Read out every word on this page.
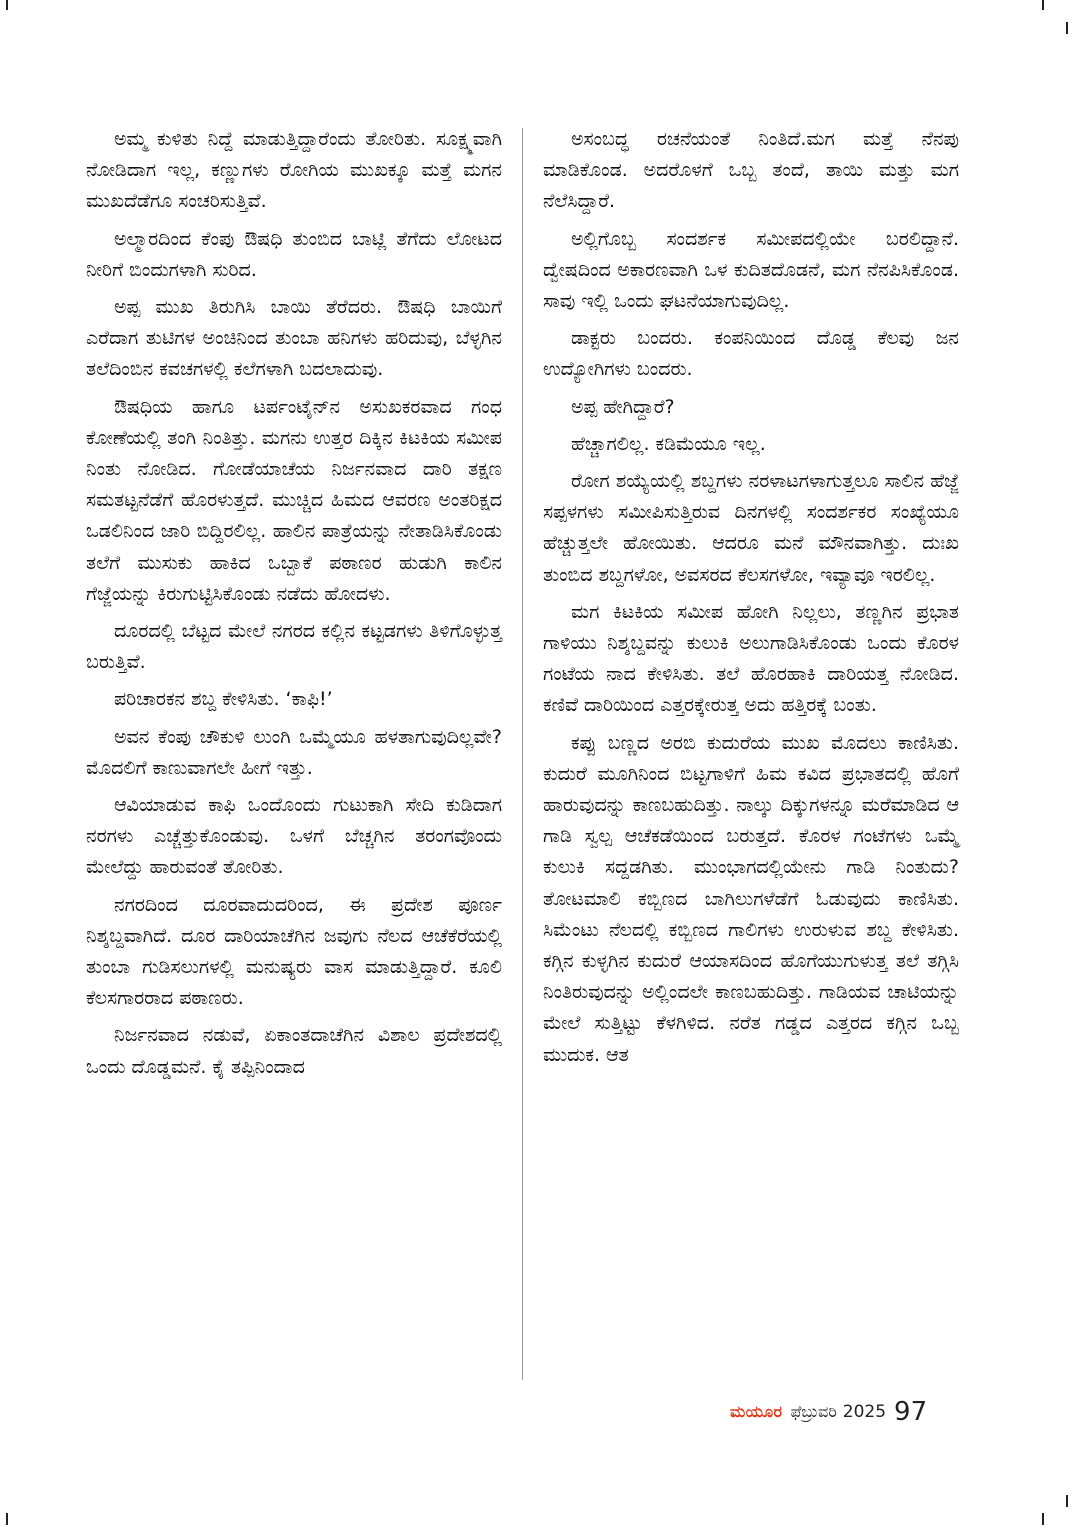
ಅಮ್ಮ ಕುಳಿತು ನಿದ್ದೆ ಮಾಡುತ್ತಿದ್ದಾರೆಂದು ತೋರಿತು. ಸೂಕ್ಷ್ಮವಾಗಿ ನೋಡಿದಾಗ ಇಲ್ಲ, ಕಣ್ಣುಗಳು ರೋಗಿಯ ಮುಖಕ್ಕೂ ಮತ್ತೆ ಮಗನ ಮುಖದೆಡೆಗೂ ಸಂಚರಿಸುತ್ತಿವೆ.

ಅಲ್ಮಾರದಿಂದ ಕೆಂಪು ಔಷಧಿ ತುಂಬಿದ ಬಾಟ್ಲಿ ತೆಗೆದು ಲೋಟದ ನೀರಿಗೆ ಬಿಂದುಗಳಾಗಿ ಸುರಿದ.

ಅಪ್ಪ ಮುಖ ತಿರುಗಿಸಿ ಬಾಯಿ ತೆರೆದರು. ಔಷಧಿ ಬಾಯಿಗೆ ಎರೆದಾಗ ತುಟಿಗಳ ಅಂಚಿನಿಂದ ತುಂಬಾ ಹನಿಗಳು ಹರಿದುವು, ಬೆಳ್ಳಗಿನ ತಲೆದಿಂಬಿನ ಕವಚಗಳಲ್ಲಿ ಕಲೆಗಳಾಗಿ ಬದಲಾದುವು.

ಔಷಧಿಯ ಹಾಗೂ ಟರ್ಪಂಟೈನ್‌ನ ಅಸುಖಕರವಾದ ಗಂಧ ಕೋಣೆಯಲ್ಲಿ ತಂಗಿ ನಿಂತಿತ್ತು. ಮಗನು ಉತ್ತರ ದಿಕ್ಕಿನ ಕಿಟಕಿಯ ಸಮೀಪ ನಿಂತು ನೋಡಿದ. ಗೋಡೆಯಾಚೆಯ ನಿರ್ಜನವಾದ ದಾರಿ ತಕ್ಷಣ ಸಮತಟ್ಟನೆಡೆಗೆ ಹೊರಳುತ್ತದೆ. ಮುಚ್ಚಿದ ಹಿಮದ ಆವರಣ ಅಂತರಿಕ್ಷದ ಒಡಲಿನಿಂದ ಜಾರಿ ಬಿದ್ದಿರಲಿಲ್ಲ. ಹಾಲಿನ ಪಾತ್ರೆಯನ್ನು ನೇತಾಡಿಸಿಕೊಂಡು ತಲೆಗೆ ಮುಸುಕು ಹಾಕಿದ ಒಬ್ಬಾಕೆ ಪಠಾಣರ ಹುಡುಗಿ ಕಾಲಿನ ಗೆಜ್ಜೆಯನ್ನು ಕಿರುಗುಟ್ಟಿಸಿಕೊಂಡು ನಡೆದು ಹೋದಳು.

ದೂರದಲ್ಲಿ ಬೆಟ್ಟದ ಮೇಲೆ ನಗರದ ಕಲ್ಲಿನ ಕಟ್ಟಡಗಳು ತಿಳಿಗೊಳ್ಳುತ್ತ ಬರುತ್ತಿವೆ.

ಪರಿಚಾರಕನ ಶಬ್ದ ಕೇಳಿಸಿತು. ‘ಕಾಫಿ!’

ಅವನ ಕೆಂಪು ಚೌಕುಳಿ ಲುಂಗಿ ಒಮ್ಮೆಯೂ ಹಳತಾಗುವುದಿಲ್ಲವೇ? ಮೊದಲಿಗೆ ಕಾಣುವಾಗಲೇ ಹೀಗೆ ಇತ್ತು.

ಆವಿಯಾಡುವ ಕಾಫಿ ಒಂದೊಂದು ಗುಟುಕಾಗಿ ಸೇದಿ ಕುಡಿದಾಗ ನರಗಳು ಎಚ್ಚೆತ್ತುಕೊಂಡುವು. ಒಳಗೆ ಬೆಚ್ಚಗಿನ ತರಂಗವೊಂದು ಮೇಲೆದ್ದು ಹಾರುವಂತೆ ತೋರಿತು.

ನಗರದಿಂದ ದೂರವಾದುದರಿಂದ, ಈ ಪ್ರದೇಶ ಪೂರ್ಣ ನಿಶ್ಶಬ್ದವಾಗಿದೆ. ದೂರ ದಾರಿಯಾಚೆಗಿನ ಜವುಗು ನೆಲದ ಆಚೆಕೆರೆಯಲ್ಲಿ ತುಂಬಾ ಗುಡಿಸಲುಗಳಲ್ಲಿ ಮನುಷ್ಯರು ವಾಸ ಮಾಡುತ್ತಿದ್ದಾರೆ. ಕೂಲಿ ಕೆಲಸಗಾರರಾದ ಪಠಾಣರು.

ನಿರ್ಜನವಾದ ನಡುವೆ, ಏಕಾಂತದಾಚೆಗಿನ ವಿಶಾಲ ಪ್ರದೇಶದಲ್ಲಿ ಒಂದು ದೊಡ್ಡಮನೆ. ಕೈ ತಪ್ಪಿನಿಂದಾದ

ಅಸಂಬದ್ಧ ರಚನೆಯಂತೆ ನಿಂತಿದೆ.ಮಗ ಮತ್ತೆ ನೆನಪು ಮಾಡಿಕೊಂಡ. ಅದರೊಳಗೆ ಒಬ್ಬ ತಂದೆ, ತಾಯಿ ಮತ್ತು ಮಗ ನೆಲೆಸಿದ್ದಾರೆ.

ಅಲ್ಲಿಗೊಬ್ಬ ಸಂದರ್ಶಕ ಸಮೀಪದಲ್ಲಿಯೇ ಬರಲಿದ್ದಾನೆ. ದ್ವೇಷದಿಂದ ಅಕಾರಣವಾಗಿ ಒಳ ಕುದಿತದೊಡನೆ, ಮಗ ನೆನಪಿಸಿಕೊಂಡ. ಸಾವು ಇಲ್ಲಿ ಒಂದು ಘಟನೆಯಾಗುವುದಿಲ್ಲ.

ಡಾಕ್ಟರು ಬಂದರು. ಕಂಪನಿಯಿಂದ ದೊಡ್ಡ ಕೆಲವು ಜನ ಉದ್ಯೋಗಿಗಳು ಬಂದರು.

ಅಪ್ಪ ಹೇಗಿದ್ದಾರೆ?

ಹೆಚ್ಚಾಗಲಿಲ್ಲ. ಕಡಿಮೆಯೂ ಇಲ್ಲ.

ರೋಗ ಶಯ್ಯೆಯಲ್ಲಿ ಶಬ್ದಗಳು ನರಳಾಟಗಳಾಗುತ್ತಲೂ ಸಾಲಿನ ಹೆಜ್ಜೆ ಸಪ್ಪಳಗಳು ಸಮೀಪಿಸುತ್ತಿರುವ ದಿನಗಳಲ್ಲಿ ಸಂದರ್ಶಕರ ಸಂಖ್ಯೆಯೂ ಹೆಚ್ಚುತ್ತಲೇ ಹೋಯಿತು. ಆದರೂ ಮನೆ ಮೌನವಾಗಿತ್ತು. ದುಃಖ ತುಂಬಿದ ಶಬ್ದಗಳೋ, ಅವಸರದ ಕೆಲಸಗಳೋ, ಇವ್ಯಾವೂ ಇರಲಿಲ್ಲ.

ಮಗ ಕಿಟಕಿಯ ಸಮೀಪ ಹೋಗಿ ನಿಲ್ಲಲು, ತಣ್ಣಗಿನ ಪ್ರಭಾತ ಗಾಳಿಯು ನಿಶ್ಶಬ್ದವನ್ನು ಕುಲುಕಿ ಅಲುಗಾಡಿಸಿಕೊಂಡು ಒಂದು ಕೊರಳ ಗಂಟೆಯ ನಾದ ಕೇಳಿಸಿತು. ತಲೆ ಹೊರಹಾಕಿ ದಾರಿಯತ್ತ ನೋಡಿದ. ಕಣಿವೆ ದಾರಿಯಿಂದ ಎತ್ತರಕ್ಕೇರುತ್ತ ಅದು ಹತ್ತಿರಕ್ಕೆ ಬಂತು.

ಕಪ್ಪು ಬಣ್ಣದ ಅರಬಿ ಕುದುರೆಯ ಮುಖ ಮೊದಲು ಕಾಣಿಸಿತು. ಕುದುರೆ ಮೂಗಿನಿಂದ ಬಿಟ್ಟಗಾಳಿಗೆ ಹಿಮ ಕವಿದ ಪ್ರಭಾತದಲ್ಲಿ ಹೊಗೆ ಹಾರುವುದನ್ನು ಕಾಣಬಹುದಿತ್ತು. ನಾಲ್ಕು ದಿಕ್ಕುಗಳನ್ನೂ ಮರೆಮಾಡಿದ ಆ ಗಾಡಿ ಸ್ವಲ್ಪ ಆಚೆಕಡೆಯಿಂದ ಬರುತ್ತದೆ. ಕೊರಳ ಗಂಟೆಗಳು ಒಮ್ಮೆ ಕುಲುಕಿ ಸದ್ದಡಗಿತು. ಮುಂಭಾಗದಲ್ಲಿಯೇನು ಗಾಡಿ ನಿಂತುದು? ತೋಟಮಾಲಿ ಕಬ್ಬಿಣದ ಬಾಗಿಲುಗಳೆಡೆಗೆ ಓಡುವುದು ಕಾಣಿಸಿತು. ಸಿಮೆಂಟು ನೆಲದಲ್ಲಿ ಕಬ್ಬಿಣದ ಗಾಲಿಗಳು ಉರುಳುವ ಶಬ್ದ ಕೇಳಿಸಿತು. ಕಗ್ಗಿನ ಕುಳ್ಳಗಿನ ಕುದುರೆ ಆಯಾಸದಿಂದ ಹೊಗೆಯುಗುಳುತ್ತ ತಲೆ ತಗ್ಗಿಸಿ ನಿಂತಿರುವುದನ್ನು ಅಲ್ಲಿಂದಲೇ ಕಾಣಬಹುದಿತ್ತು. ಗಾಡಿಯವ ಚಾಟಿಯನ್ನು ಮೇಲೆ ಸುತ್ತಿಟ್ಟು ಕೆಳಗಿಳಿದ. ನರೆತ ಗಡ್ಡದ ಎತ್ತರದ ಕಗ್ಗಿನ ಒಬ್ಬ ಮುದುಕ. ಆತ

ಮಯೂರ ಫೆಬ್ರುವರಿ 2025 97
